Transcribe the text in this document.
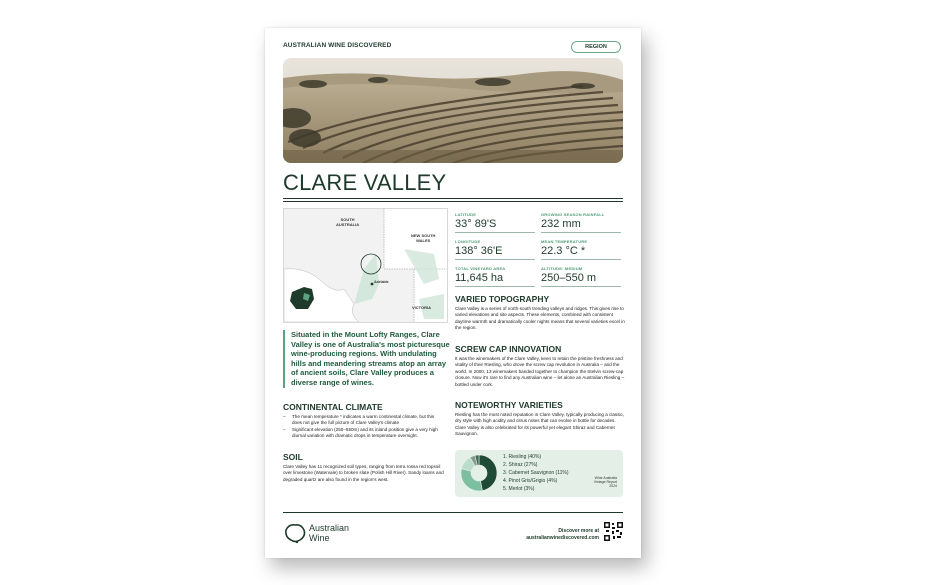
AUSTRALIAN WINE DISCOVERED	REGION
CLARE VALLEY
SOUTH
AUSTRALIA
NEW SOUTH
WALES
VICTORIA
Adelaide
LATITUDE
33° 89'S
GROWING SEASON RAINFALL
232 mm
LONGITUDE
138° 36'E
MEAN TEMPERATURE
22.3 °C *
TOTAL VINEYARD AREA
11,645 ha
ALTITUDE: MEDIUM
250–550 m
Situated in the Mount Lofty Ranges, Clare Valley is one of Australia's most picturesque wine-producing regions. With undulating hills and meandering streams atop an array of ancient soils, Clare Valley produces a diverse range of wines.
CONTINENTAL CLIMATE
– The mean temperature * indicates a warm continental climate, but this does not give the full picture of Clare Valley's climate
– Significant elevation (250–550m) and its inland position give a very high diurnal variation with dramatic drops in temperature overnight.
SOIL
Clare Valley has 11 recognized soil types, ranging from terra rossa red topsoil over limestone (Watervale) to broken slate (Polish Hill River). Sandy loams and degraded quartz are also found in the region's west.
VARIED TOPOGRAPHY
Clare Valley is a series of north-south trending valleys and ridges. This gives rise to varied elevations and site aspects. These elements, combined with consistent daytime warmth and dramatically cooler nights means that several varieties excel in the region.
SCREW CAP INNOVATION
It was the winemakers of the Clare Valley, keen to retain the pristine freshness and vitality of their Riesling, who drove the screw cap revolution in Australia – and the world. In 2000, 13 winemakers banded together to champion the Stelvin screw-cap closure. Now it's rare to find any Australian wine – let alone an Australian Riesling – bottled under cork.
NOTEWORTHY VARIETIES
Riesling has the most noted reputation in Clare Valley, typically producing a classic, dry style with high acidity and citrus notes that can evolve in bottle for decades. Clare Valley is also celebrated for its powerful yet elegant Shiraz and Cabernet Sauvignon.
1. Riesling (40%)
2. Shiraz (27%)
3. Cabernet Sauvignon (11%)
4. Pinot Gris/Grigio (4%)
5. Merlot (3%)
Wine Australia
Vintage Report
2024
Australian
Wine
Discover more at
australianwinediscovered.com
